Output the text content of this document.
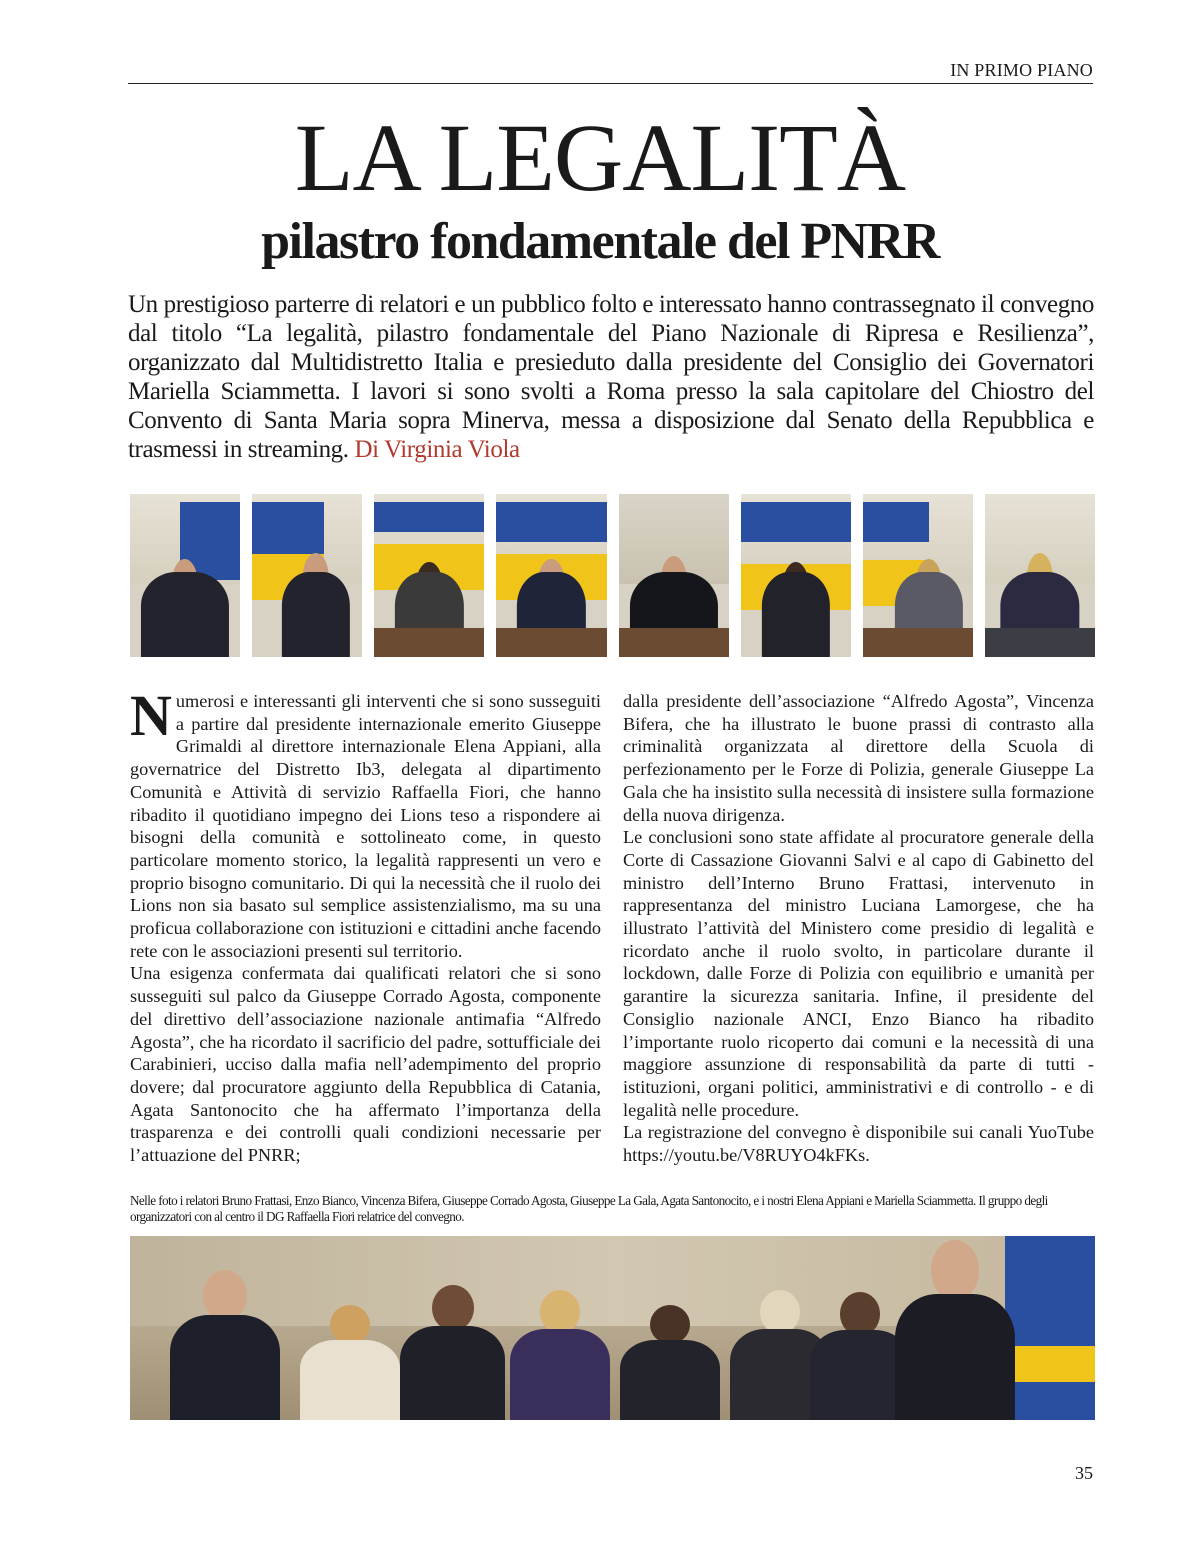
IN PRIMO PIANO
LA LEGALITÀ
pilastro fondamentale del PNRR

Un prestigioso parterre di relatori e un pubblico folto e interessato hanno contrassegnato il convegno dal titolo “La legalità, pilastro fondamentale del Piano Nazionale di Ripresa e Resilienza”, organizzato dal Multidistretto Italia e presieduto dalla presidente del Consiglio dei Governatori Mariella Sciammetta. I lavori si sono svolti a Roma presso la sala capitolare del Chiostro del Convento di Santa Maria sopra Minerva, messa a disposizione dal Senato della Repubblica e trasmessi in streaming. Di Virginia Viola

Numerosi e interessanti gli interventi che si sono susseguiti a partire dal presidente internazionale emerito Giuseppe Grimaldi al direttore internazionale Elena Appiani, alla governatrice del Distretto Ib3, delegata al dipartimento Comunità e Attività di servizio Raffaella Fiori, che hanno ribadito il quotidiano impegno dei Lions teso a rispondere ai bisogni della comunità e sottolineato come, in questo particolare momento storico, la legalità rappresenti un vero e proprio bisogno comunitario. Di qui la necessità che il ruolo dei Lions non sia basato sul semplice assistenzialismo, ma su una proficua collaborazione con istituzioni e cittadini anche facendo rete con le associazioni presenti sul territorio.

Una esigenza confermata dai qualificati relatori che si sono susseguiti sul palco da Giuseppe Corrado Agosta, componente del direttivo dell’associazione nazionale antimafia “Alfredo Agosta”, che ha ricordato il sacrificio del padre, sottufficiale dei Carabinieri, ucciso dalla mafia nell’adempimento del proprio dovere; dal procuratore aggiunto della Repubblica di Catania, Agata Santonocito che ha affermato l’importanza della trasparenza e dei controlli quali condizioni necessarie per l’attuazione del PNRR;

dalla presidente dell’associazione “Alfredo Agosta”, Vincenza Bifera, che ha illustrato le buone prassi di contrasto alla criminalità organizzata al direttore della Scuola di perfezionamento per le Forze di Polizia, generale Giuseppe La Gala che ha insistito sulla necessità di insistere sulla formazione della nuova dirigenza.

Le conclusioni sono state affidate al procuratore generale della Corte di Cassazione Giovanni Salvi e al capo di Gabinetto del ministro dell’Interno Bruno Frattasi, intervenuto in rappresentanza del ministro Luciana Lamorgese, che ha illustrato l’attività del Ministero come presidio di legalità e ricordato anche il ruolo svolto, in particolare durante il lockdown, dalle Forze di Polizia con equilibrio e umanità per garantire la sicurezza sanitaria. Infine, il presidente del Consiglio nazionale ANCI, Enzo Bianco ha ribadito l’importante ruolo ricoperto dai comuni e la necessità di una maggiore assunzione di responsabilità da parte di tutti - istituzioni, organi politici, amministrativi e di controllo - e di legalità nelle procedure.

La registrazione del convegno è disponibile sui canali YuoTube https://youtu.be/V8RUYO4kFKs.

Nelle foto i relatori Bruno Frattasi, Enzo Bianco, Vincenza Bifera, Giuseppe Corrado Agosta, Giuseppe La Gala, Agata Santonocito, e i nostri Elena Appiani e Mariella Sciammetta. Il gruppo degli organizzatori con al centro il DG Raffaella Fiori relatrice del convegno.

35
